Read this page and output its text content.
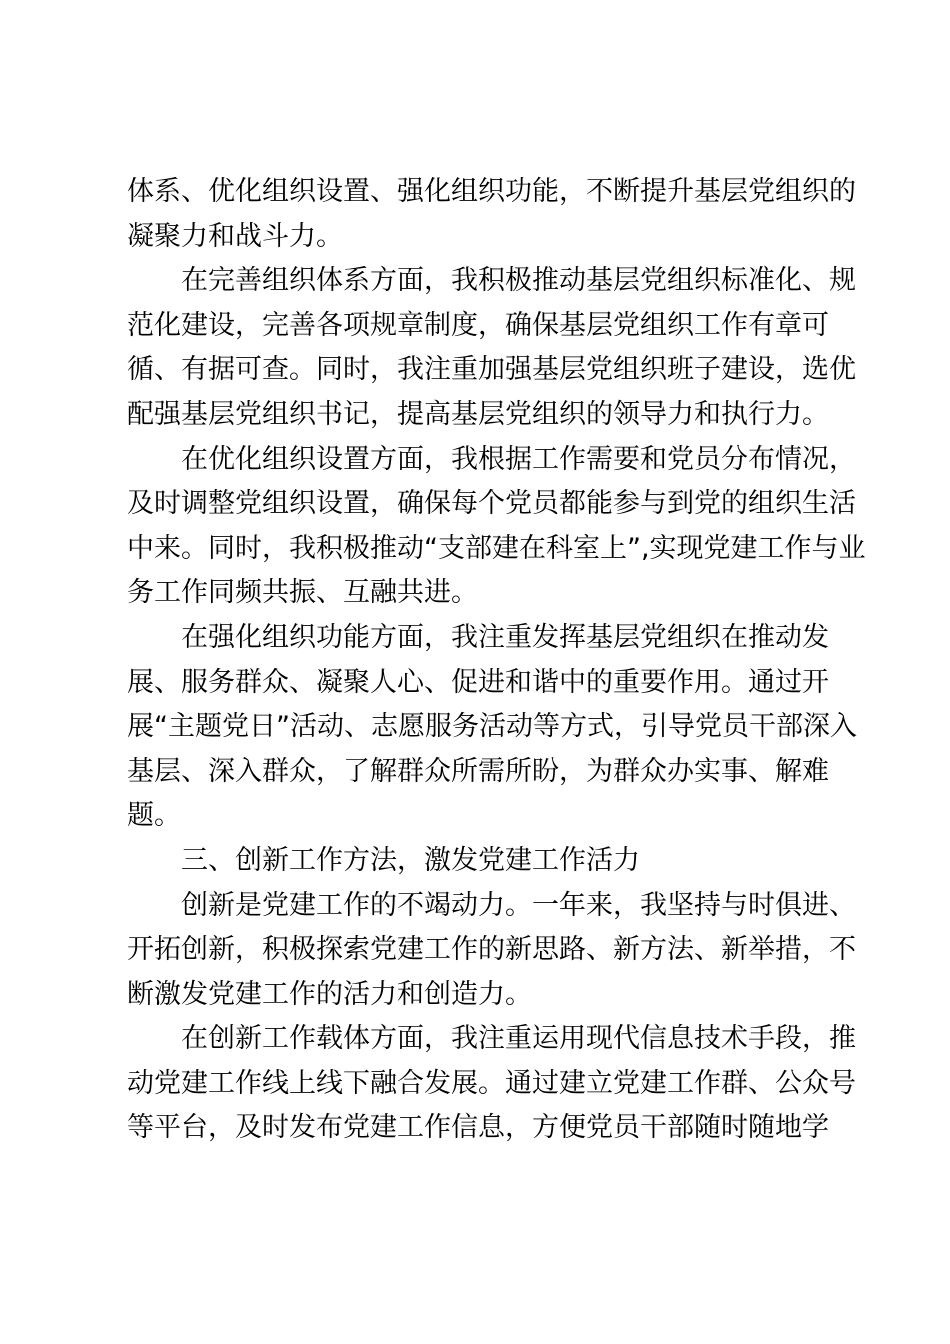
体系、优化组织设置、强化组织功能，不断提升基层党组织的
凝聚力和战斗力。
在完善组织体系方面，我积极推动基层党组织标准化、规
范化建设，完善各项规章制度，确保基层党组织工作有章可
循、有据可查。同时，我注重加强基层党组织班子建设，选优
配强基层党组织书记，提高基层党组织的领导力和执行力。
在优化组织设置方面，我根据工作需要和党员分布情况，
及时调整党组织设置，确保每个党员都能参与到党的组织生活
中来。同时，我积极推动“支部建在科室上”,实现党建工作与业
务工作同频共振、互融共进。
在强化组织功能方面，我注重发挥基层党组织在推动发
展、服务群众、凝聚人心、促进和谐中的重要作用。通过开
展“主题党日”活动、志愿服务活动等方式，引导党员干部深入
基层、深入群众，了解群众所需所盼，为群众办实事、解难
题。
三、创新工作方法，激发党建工作活力
创新是党建工作的不竭动力。一年来，我坚持与时俱进、
开拓创新，积极探索党建工作的新思路、新方法、新举措，不
断激发党建工作的活力和创造力。
在创新工作载体方面，我注重运用现代信息技术手段，推
动党建工作线上线下融合发展。通过建立党建工作群、公众号
等平台，及时发布党建工作信息，方便党员干部随时随地学
